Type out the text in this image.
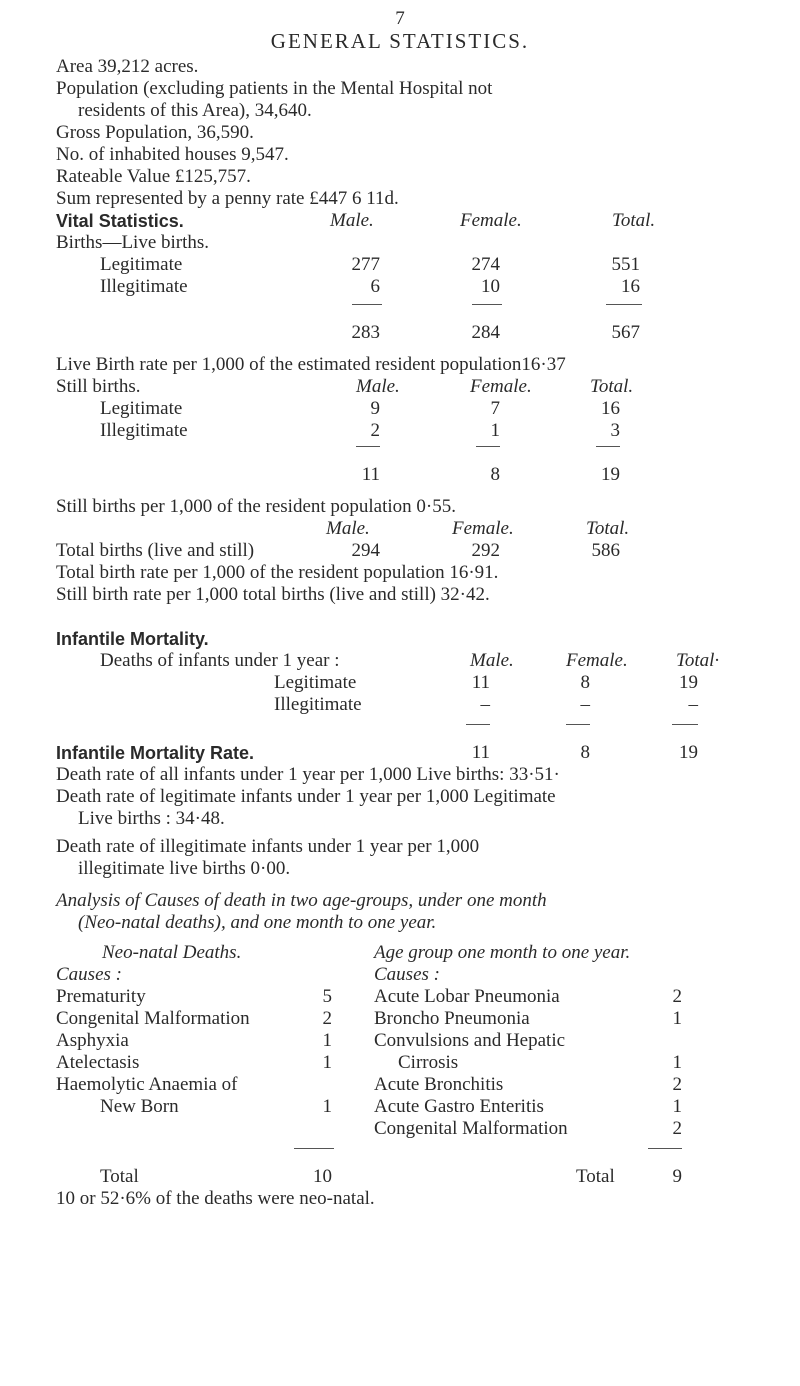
7
GENERAL STATISTICS.
Area 39,212 acres.
Population (excluding patients in the Mental Hospital not
residents of this Area), 34,640.
Gross Population, 36,590.
No. of inhabited houses 9,547.
Rateable Value £125,757.
Sum represented by a penny rate £447 6 11d.
Vital Statistics.	Male.	Female.	Total.
Births—Live births.
Legitimate	277	274	551
Illegitimate	6	10	16
283	284	567
Live Birth rate per 1,000 of the estimated resident population16·37
Still births.	Male.	Female.	Total.
Legitimate	9	7	16
Illegitimate	2	1	3
11	8	19
Still births per 1,000 of the resident population 0·55.
Male.	Female.	Total.
Total births (live and still)	294	292	586
Total birth rate per 1,000 of the resident population 16·91.
Still birth rate per 1,000 total births (live and still) 32·42.
Infantile Mortality.
Deaths of infants under 1 year :	Male.	Female.	Total·
Legitimate	11	8	19
Illegitimate	–	–	–
Infantile Mortality Rate.	11	8	19
Death rate of all infants under 1 year per 1,000 Live births: 33·51·
Death rate of legitimate infants under 1 year per 1,000 Legitimate
Live births : 34·48.
Death rate of illegitimate infants under 1 year per 1,000
illegitimate live births 0·00.
Analysis of Causes of death in two age-groups, under one month
(Neo-natal deaths), and one month to one year.
Neo-natal Deaths.
Causes :
Age group one month to one year.
Causes :
Prematurity	5
Congenital Malformation	2
Asphyxia	1
Atelectasis	1
Haemolytic Anaemia of
New Born	1
Acute Lobar Pneumonia	2
Broncho Pneumonia	1
Convulsions and Hepatic
Cirrosis	1
Acute Bronchitis	2
Acute Gastro Enteritis	1
Congenital Malformation	2
Total	10	Total	9
10 or 52·6% of the deaths were neo-natal.
